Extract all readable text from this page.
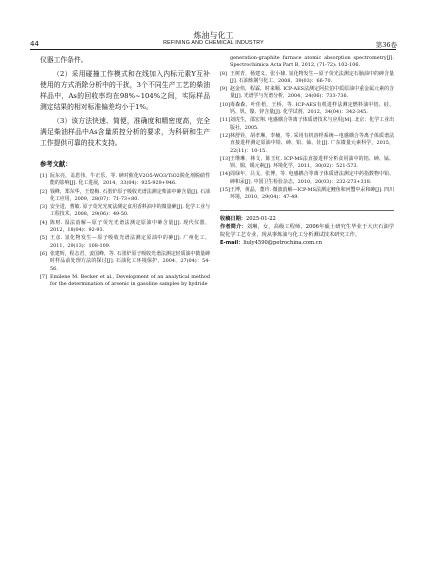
炼油与化工
44	REFINING AND CHEMICAL INDUSTRY	第36卷

仪器工作条件。

（2）采用碰撞工作模式和在线加入内标元素Y互补使用的方式消除分析中的干扰，3个不同生产工艺的柴油样品中，As的回收率均在98%~104%之间，实际样品测定结果的相对标准偏差均小于1%。

（3）该方法快速、简便，准确度和精密度高，完全满足柴油样品中As含量质控分析的要求，为科研和生产工作提供可靠的技术支持。

参考文献：
[1] 阮东亮，盖恩伟，牛正乐，等. 砷对催化V2O5-WO3/TiO2脱化剂脱硝性能的影响[J]. 化工进展，2014，33(04)：925-929+946.
[2] 钱峰，郑东华，王煌梅. 石墨炉原子吸收光谱法测定柴油中砷含量[J]. 石油化工应用，2009，28(07)：71-73+80.
[3] 安全进，曹敏. 原子荧光光度法测定食用香料油中的微量砷[J]. 化学工业与工程技术，2008，29(06)：49-50.
[4] 陈财. 湿法消解—原子荧光光谱法测定原油中砷含量[J]. 现代仪器，2012，18(04)：92-93.
[5] 王彦. 氢化物发生—原子吸收光谱法测定原油中的砷[J]. 广州化工，2011，29(13)：108-109.
[6] 张建辉，程志君，姜国峰，等. 石墨炉原子吸收光谱法测定轻质油中微量砷时样品前处理方法的探讨[J]. 石油化工环境保护，2004，27(04)：54-56.
[7] Emilene M. Becker et al., Development of an analytical method for the determination of arsenic in gasoline samples by hydride
generation-graphite furnace atomic absorption spectrometry[J]. Spectrochimica Acta Part B, 2012, (71-72): 102-106.
[8] 王树青，杨建义，张小棣. 氢化物发生—原子荧光法测定石脑油中的砷含量[J]. 石油炼制与化工，2008，39(03)：66-70.
[9] 赵金伟，程霖，时来顺. ICP-AES法测定阿拉伯中质原油中重金属元素的含量[J]. 光谱学与光谱分析，2004，24(06)：733-736.
[10] 毒森森，叶佳梧，王桥，等. ICP-AES有机进样法测定燃料油中铝、硅、钙、钒、镍、锌含量[J]. 化学试剂，2012，34(04)：342-345.
[11] 刘虎生，邵宏翔. 电感耦合等离子体质谱技术与应用[M]. 北京：化学工业出版社，2005.
[12] 林舒铨，胡孝琳，李楠，等. 采用有机溶样系统—电感耦合等离子体质谱法直接进样测定原油中铅、砷、铅、铀、钍[J]. 广东微量元素科学，2015，22(11)：10-15.
[13] 王继琳，林文，陈玉红. ICP-MS法直接进样分析食用油中的铝、砷、锰、钡、铜、锡元素[J]. 环境化学，2011，30(02)：521-573.
[14] 周绿年，吕戈，张博，等. 电感耦合等离子体质谱法测定中药指数物中铅、砷和汞[J]. 中国卫生检验杂志，2010，20(03)：232-273+318.
[15] 王博，黄晶，董玲. 微波消解—ICP-MS法测定鲤鱼和河蟹中汞和砷[J]. 四川环境，2010，29(04)：47-49.
收稿日期：2025-01-22
作者简介：刘琳，女，高级工程师，2006年硕士研究生毕业于大庆石油学院化学工艺专业，现从事炼油与化工分析测试技术研究工作。
E-mail：liuly4590@petrochina.com.cn
